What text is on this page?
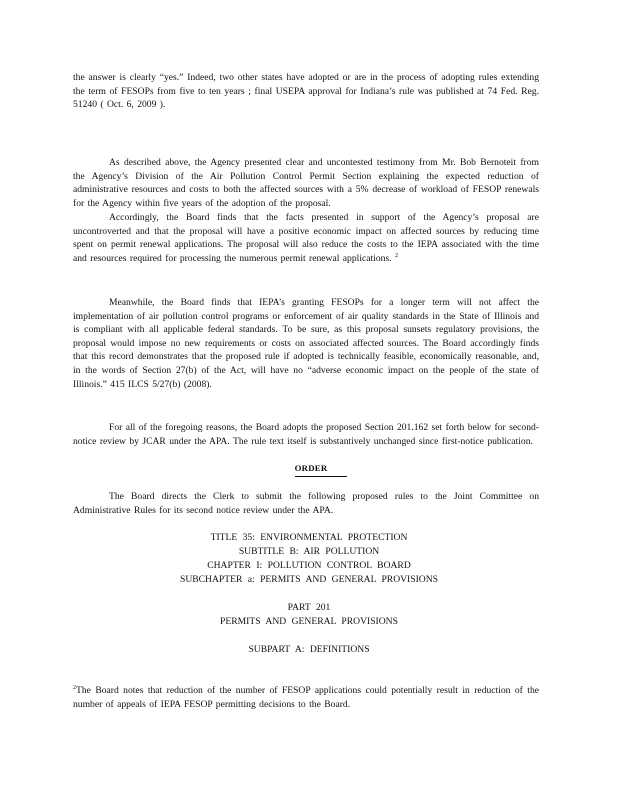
the answer is clearly “yes.” Indeed, two other states have adopted or are in the process of adopting rules extending the term of FESOPs from five to ten years ; final USEPA approval for Indiana’s rule was published at 74 Fed. Reg. 51240 ( Oct. 6, 2009 ).

As described above, the Agency presented clear and uncontested testimony from Mr. Bob Bernoteit from the Agency’s Division of the Air Pollution Control Permit Section explaining the expected reduction of administrative resources and costs to both the affected sources with a 5% decrease of workload of FESOP renewals for the Agency within five years of the adoption of the proposal.

Accordingly, the Board finds that the facts presented in support of the Agency’s proposal are uncontroverted and that the proposal will have a positive economic impact on affected sources by reducing time spent on permit renewal applications. The proposal will also reduce the costs to the IEPA associated with the time and resources required for processing the numerous permit renewal applications. $^2$

Meanwhile, the Board finds that IEPA’s granting FESOPs for a longer term will not affect the implementation of air pollution control programs or enforcement of air quality standards in the State of Illinois and is compliant with all applicable federal standards. To be sure, as this proposal sunsets regulatory provisions, the proposal would impose no new requirements or costs on associated affected sources. The Board accordingly finds that this record demonstrates that the proposed rule if adopted is technically feasible, economically reasonable, and, in the words of Section 27(b) of the Act, will have no “adverse economic impact on the people of the state of Illinois.” 415 ILCS 5/27(b) (2008).

For all of the foregoing reasons, the Board adopts the proposed Section 201.162 set forth below for second-notice review by JCAR under the APA. The rule text itself is substantively unchanged since first-notice publication.

ORDER

The Board directs the Clerk to submit the following proposed rules to the Joint Committee on Administrative Rules for its second notice review under the APA.

TITLE 35: ENVIRONMENTAL PROTECTION

SUBTITLE B: AIR POLLUTION

CHAPTER I: POLLUTION CONTROL BOARD

SUBCHAPTER a: PERMITS AND GENERAL PROVISIONS

PART 201

PERMITS AND GENERAL PROVISIONS

SUBPART A: DEFINITIONS

$^2$The Board notes that reduction of the number of FESOP applications could potentially result in reduction of the number of appeals of IEPA FESOP permitting decisions to the Board.
